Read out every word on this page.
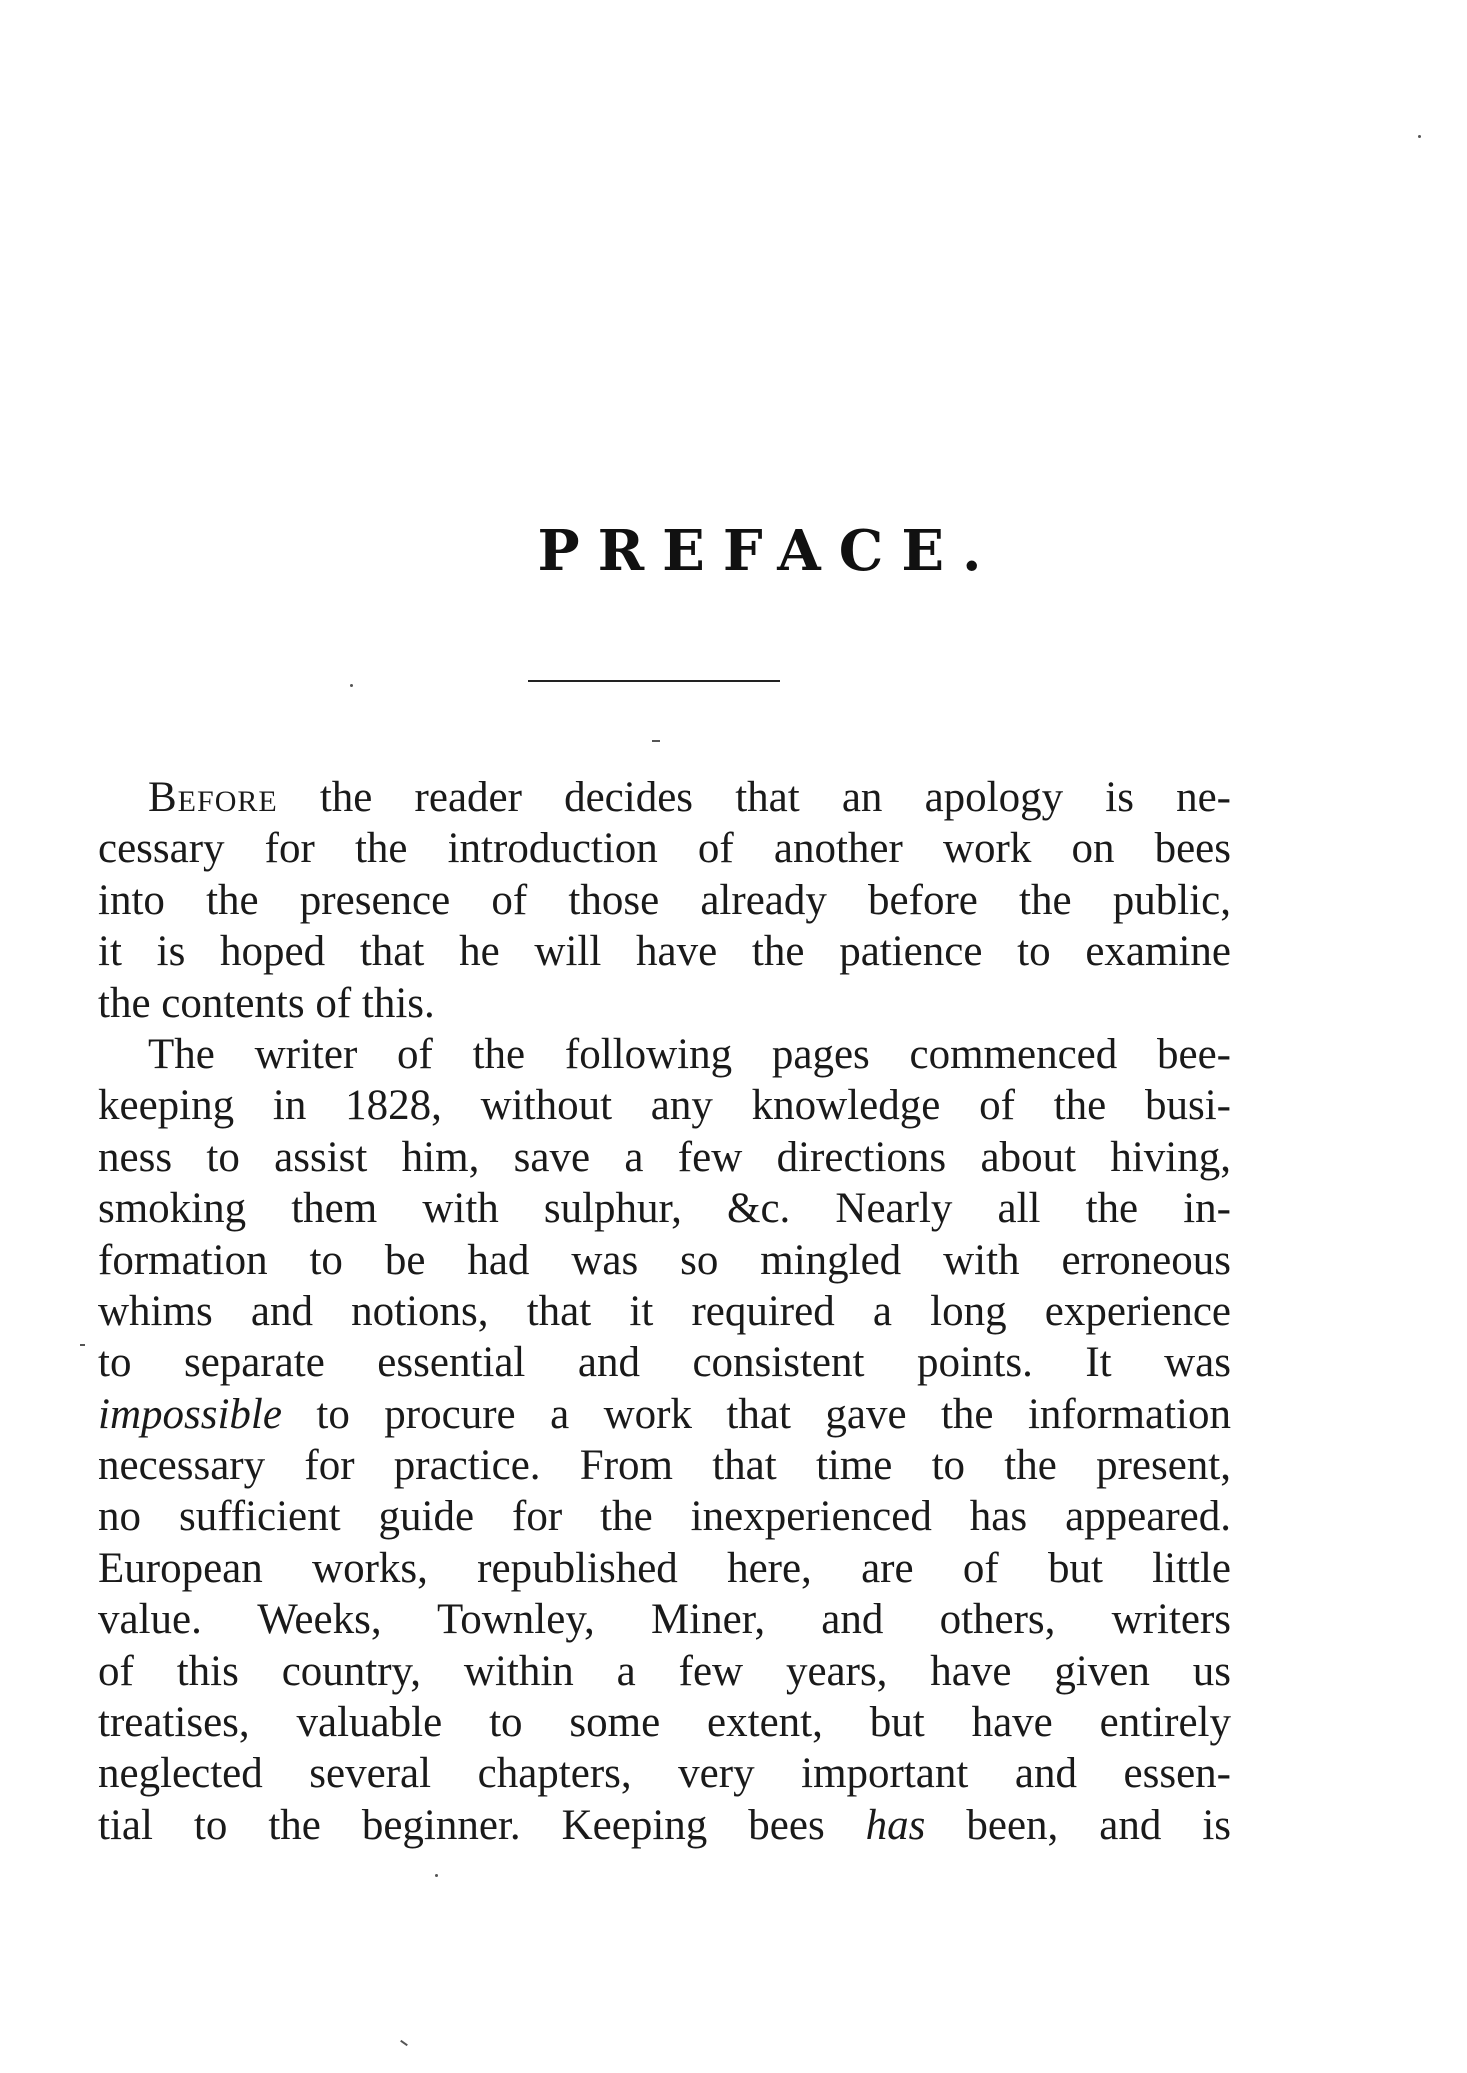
PREFACE.
Before the reader decides that an apology is ne-
cessary for the introduction of another work on bees
into the presence of those already before the public,
it is hoped that he will have the patience to examine
the contents of this.
The writer of the following pages commenced bee-
keeping in 1828, without any knowledge of the busi-
ness to assist him, save a few directions about hiving,
smoking them with sulphur, &c. Nearly all the in-
formation to be had was so mingled with erroneous
whims and notions, that it required a long experience
to separate essential and consistent points. It was
impossible to procure a work that gave the information
necessary for practice. From that time to the present,
no sufficient guide for the inexperienced has appeared.
European works, republished here, are of but little
value. Weeks, Townley, Miner, and others, writers
of this country, within a few years, have given us
treatises, valuable to some extent, but have entirely
neglected several chapters, very important and essen-
tial to the beginner. Keeping bees has been, and is
